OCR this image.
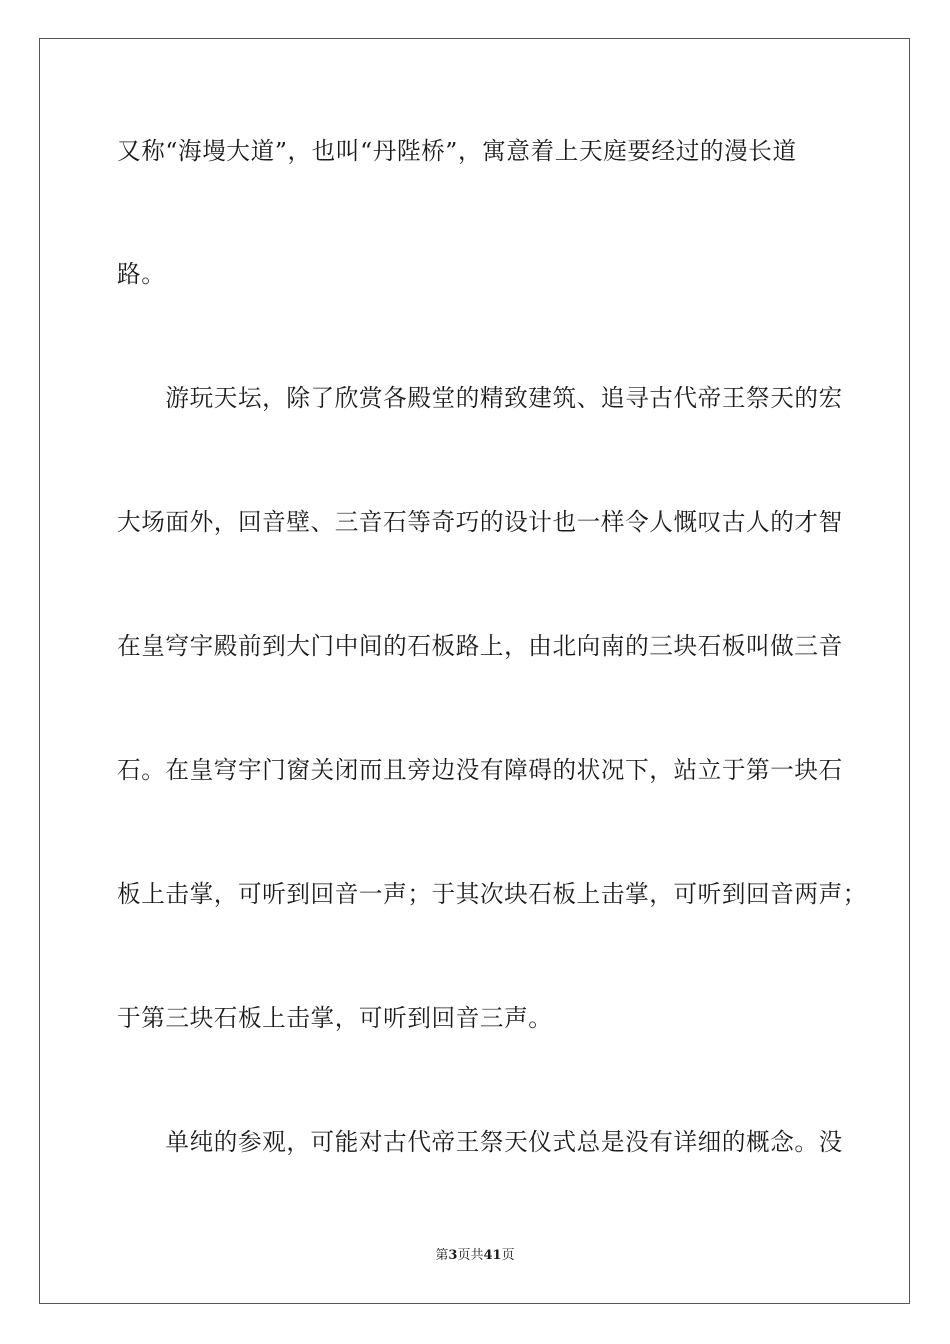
又称“海墁大道”，也叫“丹陛桥”，寓意着上天庭要经过的漫长道

路。

　　游玩天坛，除了欣赏各殿堂的精致建筑、追寻古代帝王祭天的宏

大场面外，回音壁、三音石等奇巧的设计也一样令人慨叹古人的才智

在皇穹宇殿前到大门中间的石板路上，由北向南的三块石板叫做三音

石。在皇穹宇门窗关闭而且旁边没有障碍的状况下，站立于第一块石

板上击掌，可听到回音一声；于其次块石板上击掌，可听到回音两声；

于第三块石板上击掌，可听到回音三声。

　　单纯的参观，可能对古代帝王祭天仪式总是没有详细的概念。没

第3页共41页
